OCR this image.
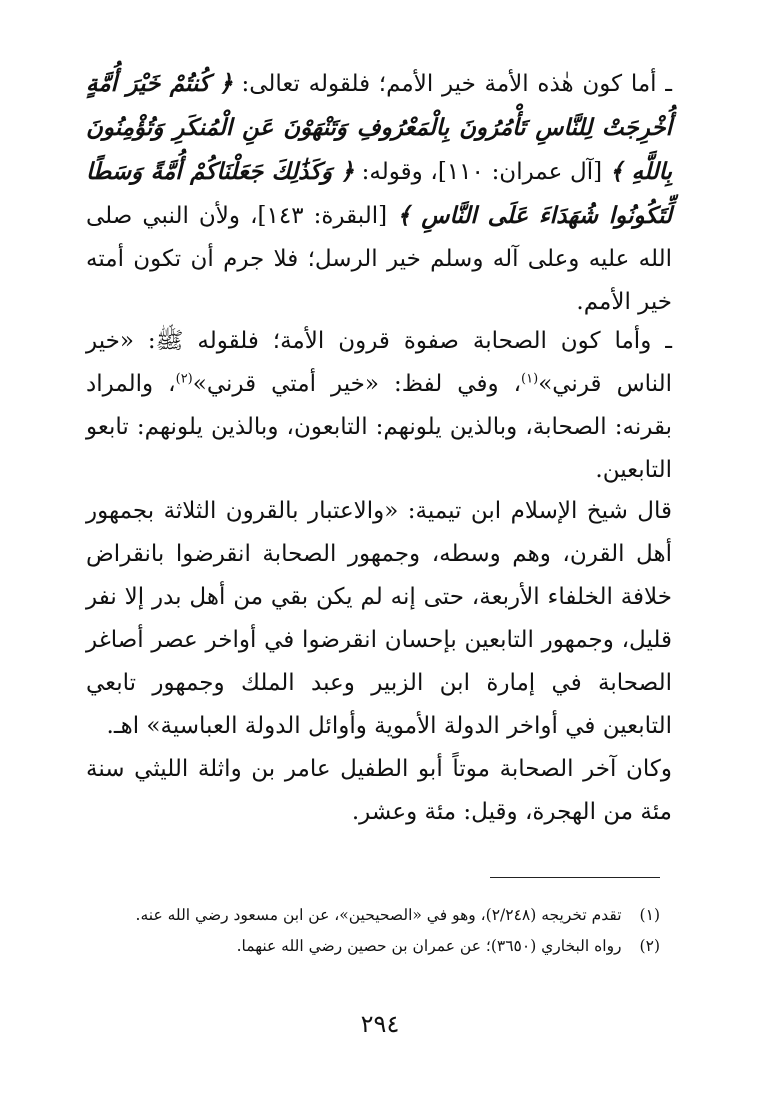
ـ أما كون هٰذه الأمة خير الأمم؛ فلقوله تعالى: ﴿ كُنتُمْ خَيْرَ أُمَّةٍ أُخْرِجَتْ لِلنَّاسِ تَأْمُرُونَ بِالْمَعْرُوفِ وَتَنْهَوْنَ عَنِ الْمُنكَرِ وَتُؤْمِنُونَ بِاللَّهِ ﴾ [آل عمران: ١١٠]، وقوله: ﴿ وَكَذَٰلِكَ جَعَلْنَاكُمْ أُمَّةً وَسَطًا لِّتَكُونُوا شُهَدَاءَ عَلَى النَّاسِ ﴾ [البقرة: ١٤٣]، ولأن النبي صلى الله عليه وعلى آله وسلم خير الرسل؛ فلا جرم أن تكون أمته خير الأمم.

ـ وأما كون الصحابة صفوة قرون الأمة؛ فلقوله ﷺ: «خير الناس قرني»$^{(١)}$، وفي لفظ: «خير أمتي قرني»$^{(٢)}$، والمراد بقرنه: الصحابة، وبالذين يلونهم: التابعون، وبالذين يلونهم: تابعو التابعين.

قال شيخ الإسلام ابن تيمية: «والاعتبار بالقرون الثلاثة بجمهور أهل القرن، وهم وسطه، وجمهور الصحابة انقرضوا بانقراض خلافة الخلفاء الأربعة، حتى إنه لم يكن بقي من أهل بدر إلا نفر قليل، وجمهور التابعين بإحسان انقرضوا في أواخر عصر أصاغر الصحابة في إمارة ابن الزبير وعبد الملك وجمهور تابعي التابعين في أواخر الدولة الأموية وأوائل الدولة العباسية» اهـ.

وكان آخر الصحابة موتاً أبو الطفيل عامر بن واثلة الليثي سنة مئة من الهجرة، وقيل: مئة وعشر.

(١)تقدم تخريجه (٢/٢٤٨)، وهو في «الصحيحين»، عن ابن مسعود رضي الله عنه.
(٢)رواه البخاري (٣٦٥٠)؛ عن عمران بن حصين رضي الله عنهما.
٢٩٤
